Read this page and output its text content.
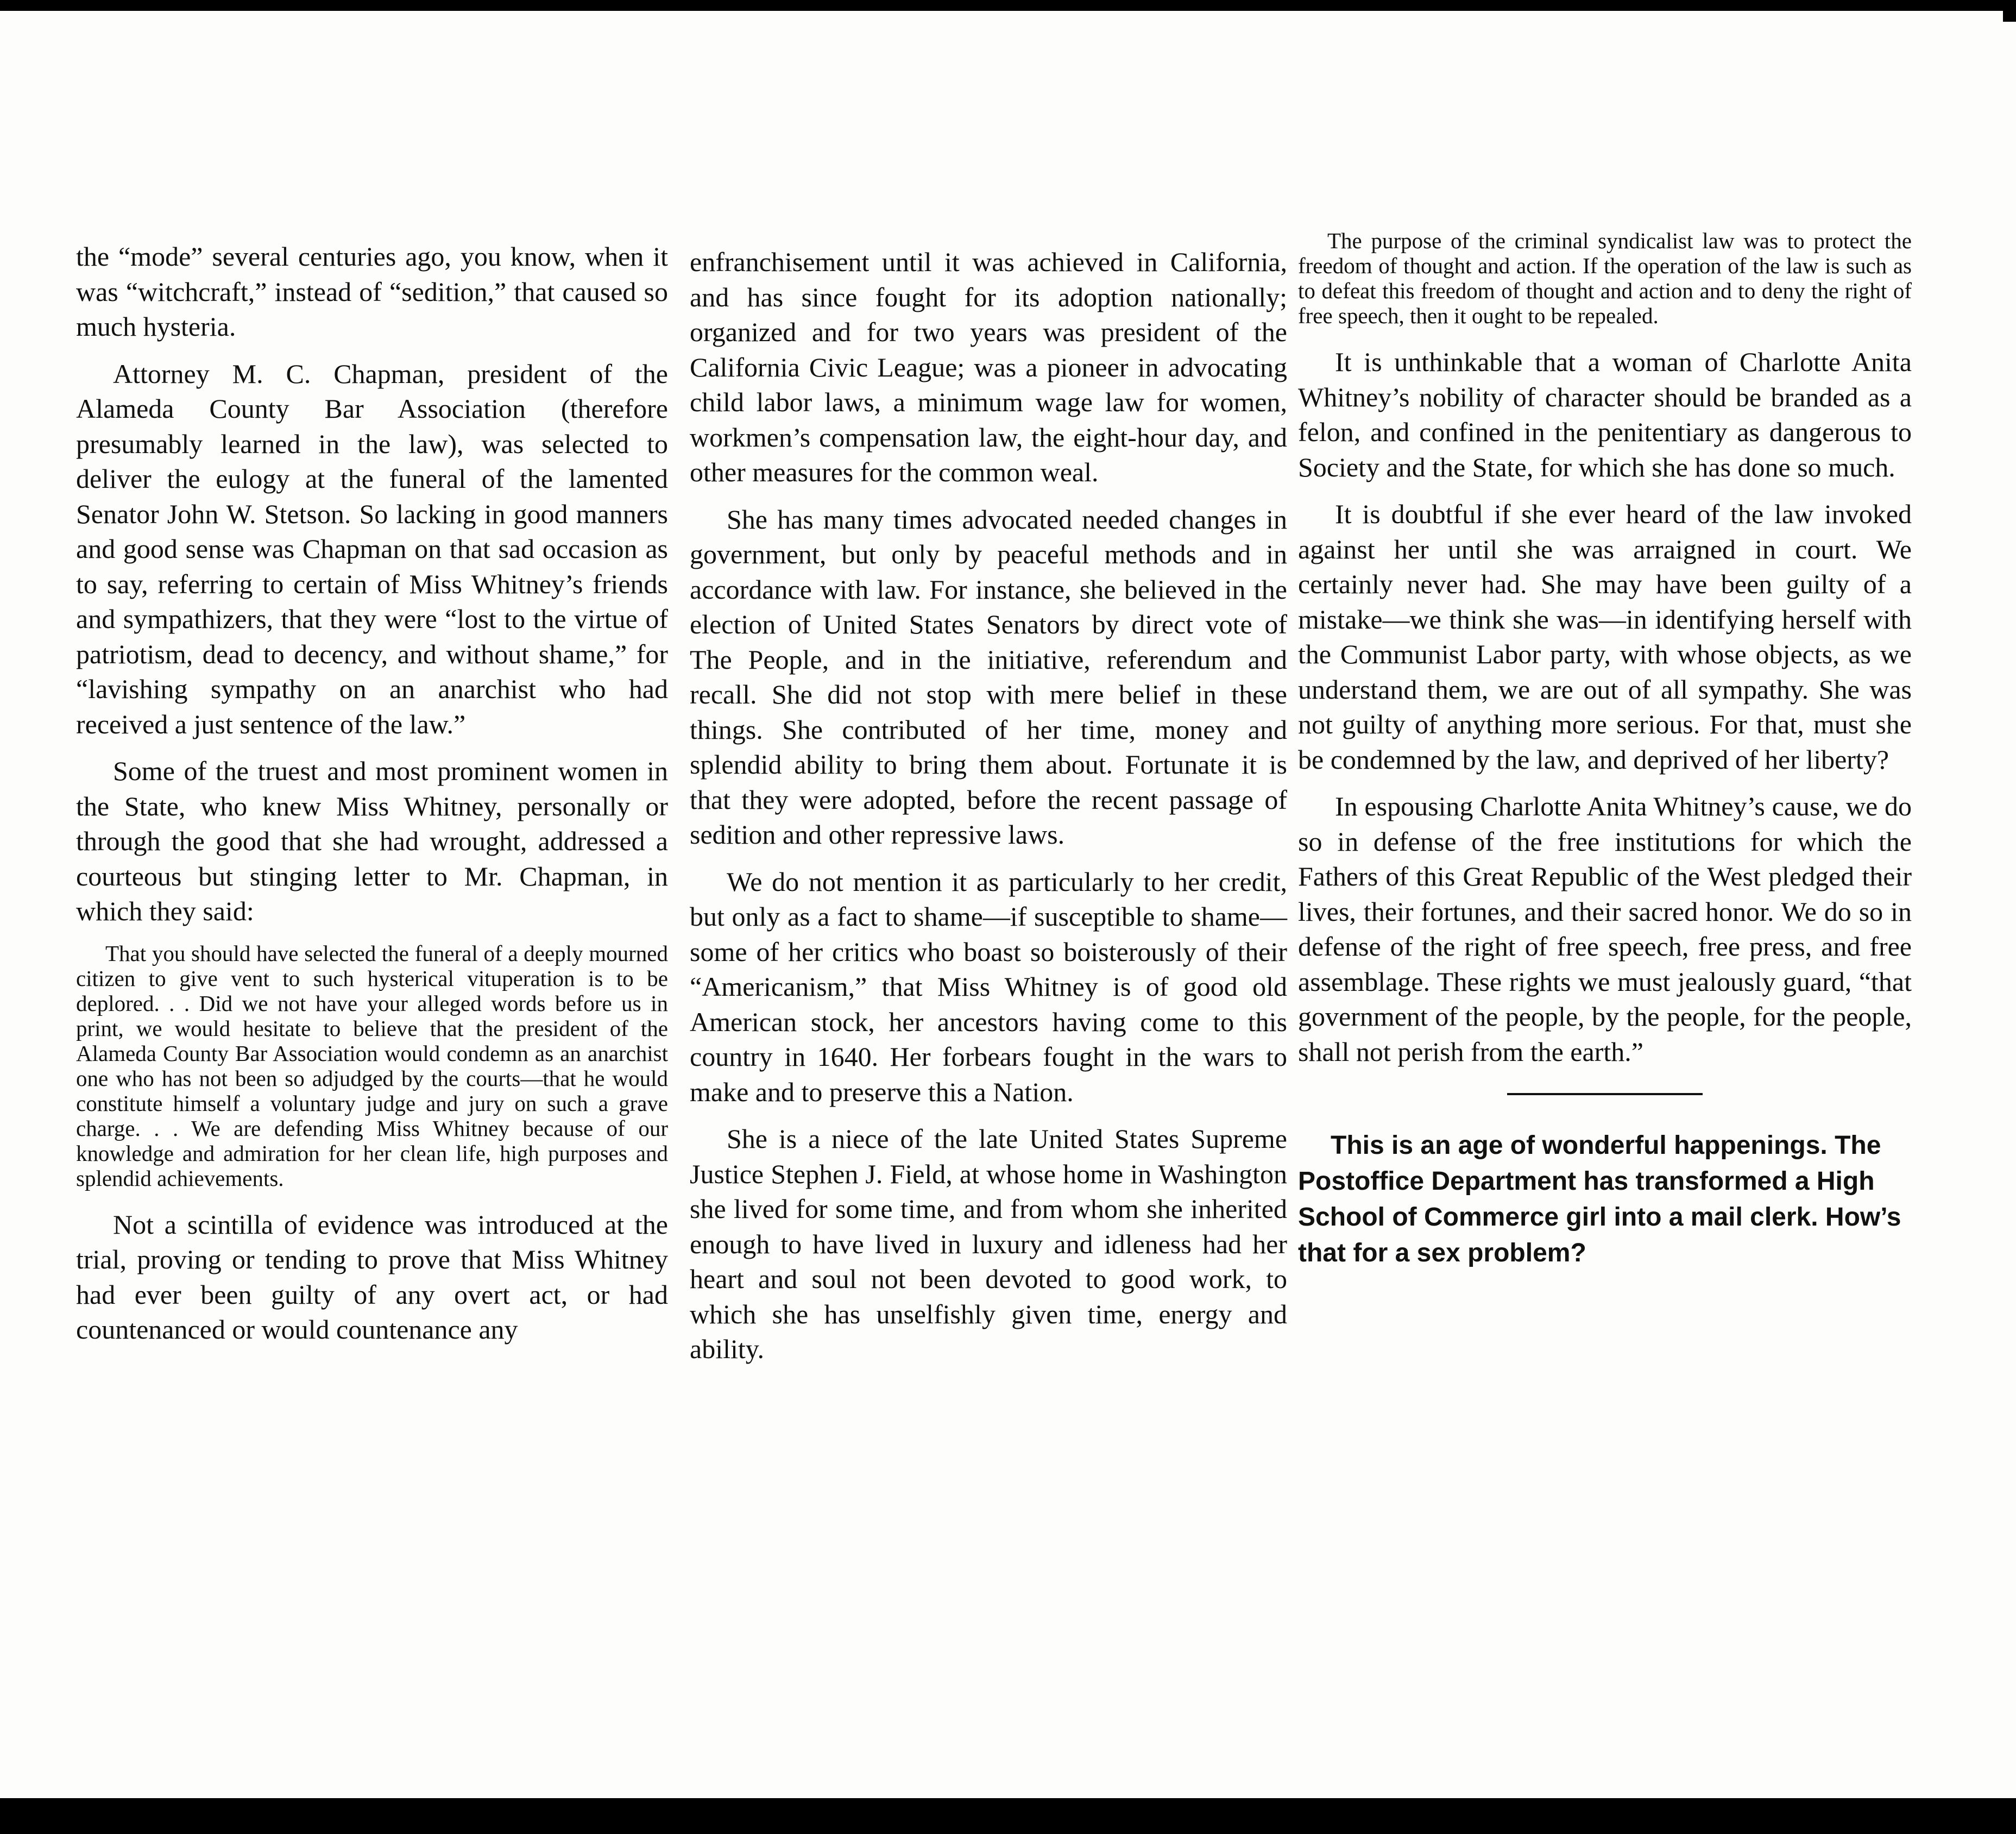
the “mode” several centuries ago, you know, when it was “witchcraft,” instead of “sedition,” that caused so much hysteria.

Attorney M. C. Chapman, president of the Alameda County Bar Association (therefore presumably learned in the law), was selected to deliver the eulogy at the funeral of the lamented Senator John W. Stetson. So lacking in good manners and good sense was Chapman on that sad occasion as to say, referring to certain of Miss Whitney’s friends and sympathizers, that they were “lost to the virtue of patriotism, dead to decency, and without shame,” for “lavishing sympathy on an anarchist who had received a just sentence of the law.”

Some of the truest and most prominent women in the State, who knew Miss Whitney, personally or through the good that she had wrought, addressed a courteous but stinging letter to Mr. Chapman, in which they said:

That you should have selected the funeral of a deeply mourned citizen to give vent to such hysterical vituperation is to be deplored. . . Did we not have your alleged words before us in print, we would hesitate to believe that the president of the Alameda County Bar Association would condemn as an anarchist one who has not been so adjudged by the courts—that he would constitute himself a voluntary judge and jury on such a grave charge. . . We are defending Miss Whitney because of our knowledge and admiration for her clean life, high purposes and splendid achievements.

Not a scintilla of evidence was introduced at the trial, proving or tending to prove that Miss Whitney had ever been guilty of any overt act, or had countenanced or would countenance any

enfranchisement until it was achieved in California, and has since fought for its adoption nationally; organized and for two years was president of the California Civic League; was a pioneer in advocating child labor laws, a minimum wage law for women, workmen’s compensation law, the eight-hour day, and other measures for the common weal.

She has many times advocated needed changes in government, but only by peaceful methods and in accordance with law. For instance, she believed in the election of United States Senators by direct vote of The People, and in the initiative, referendum and recall. She did not stop with mere belief in these things. She contributed of her time, money and splendid ability to bring them about. Fortunate it is that they were adopted, before the recent passage of sedition and other repressive laws.

We do not mention it as particularly to her credit, but only as a fact to shame—if susceptible to shame—some of her critics who boast so boisterously of their “Americanism,” that Miss Whitney is of good old American stock, her ancestors having come to this country in 1640. Her forbears fought in the wars to make and to preserve this a Nation.

She is a niece of the late United States Supreme Justice Stephen J. Field, at whose home in Washington she lived for some time, and from whom she inherited enough to have lived in luxury and idleness had her heart and soul not been devoted to good work, to which she has unselfishly given time, energy and ability.

The purpose of the criminal syndicalist law was to protect the freedom of thought and action. If the operation of the law is such as to defeat this freedom of thought and action and to deny the right of free speech, then it ought to be repealed.

It is unthinkable that a woman of Charlotte Anita Whitney’s nobility of character should be branded as a felon, and confined in the penitentiary as dangerous to Society and the State, for which she has done so much.

It is doubtful if she ever heard of the law invoked against her until she was arraigned in court. We certainly never had. She may have been guilty of a mistake—we think she was—in identifying herself with the Communist Labor party, with whose objects, as we understand them, we are out of all sympathy. She was not guilty of anything more serious. For that, must she be condemned by the law, and deprived of her liberty?

In espousing Charlotte Anita Whitney’s cause, we do so in defense of the free institutions for which the Fathers of this Great Republic of the West pledged their lives, their fortunes, and their sacred honor. We do so in defense of the right of free speech, free press, and free assemblage. These rights we must jealously guard, “that government of the people, by the people, for the people, shall not perish from the earth.”

This is an age of wonderful happenings. The Postoffice Department has transformed a High School of Commerce girl into a mail clerk. How’s that for a sex problem?
